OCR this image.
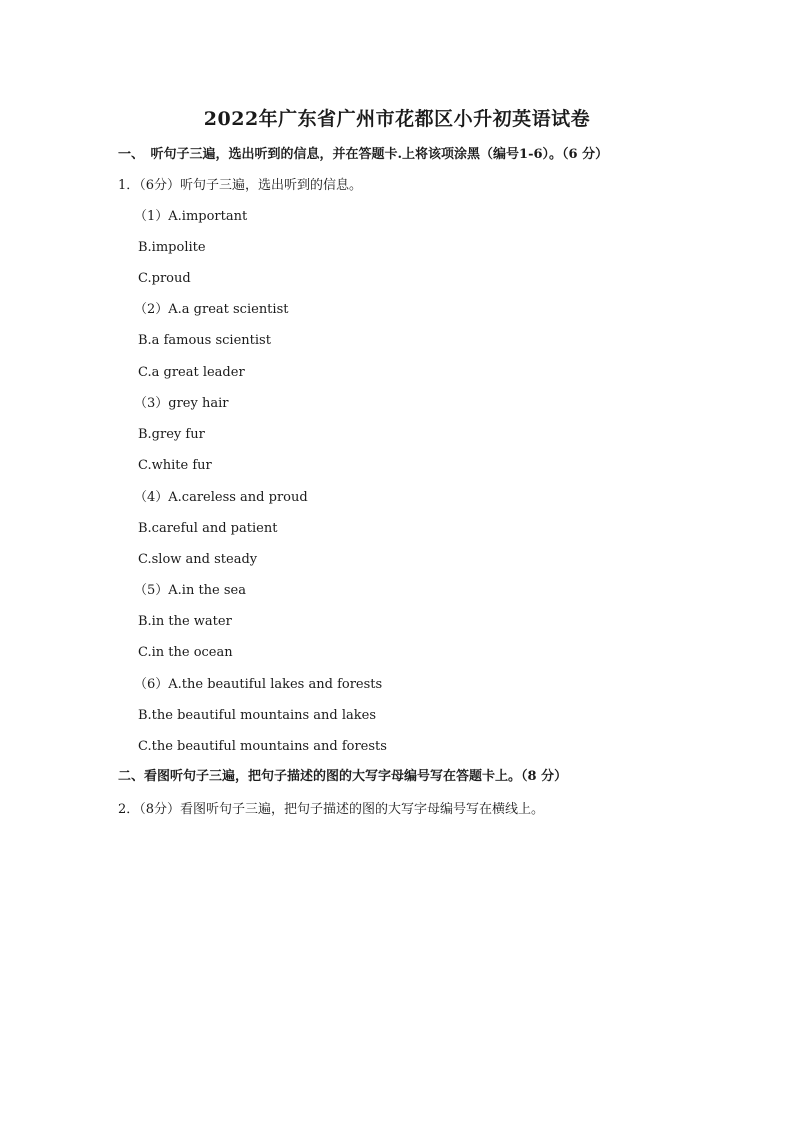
2022年广东省广州市花都区小升初英语试卷
一、　听句子三遍，选出听到的信息，并在答题卡.上将该项涂黑（编号1-6）。（6 分）
1．（6分）听句子三遍，选出听到的信息。
（1）A.important
B.impolite
C.proud
（2）A.a great scientist
B.a famous scientist
C.a great leader
（3）grey hair
B.grey fur
C.white fur
（4）A.careless and proud
B.careful and patient
C.slow and steady
（5）A.in the sea
B.in the water
C.in the ocean
（6）A.the beautiful lakes and forests
B.the beautiful mountains and lakes
C.the beautiful mountains and forests
二、看图听句子三遍，把句子描述的图的大写字母编号写在答题卡上。（8 分）
2．（8分）看图听句子三遍，把句子描述的图的大写字母编号写在横线上。
